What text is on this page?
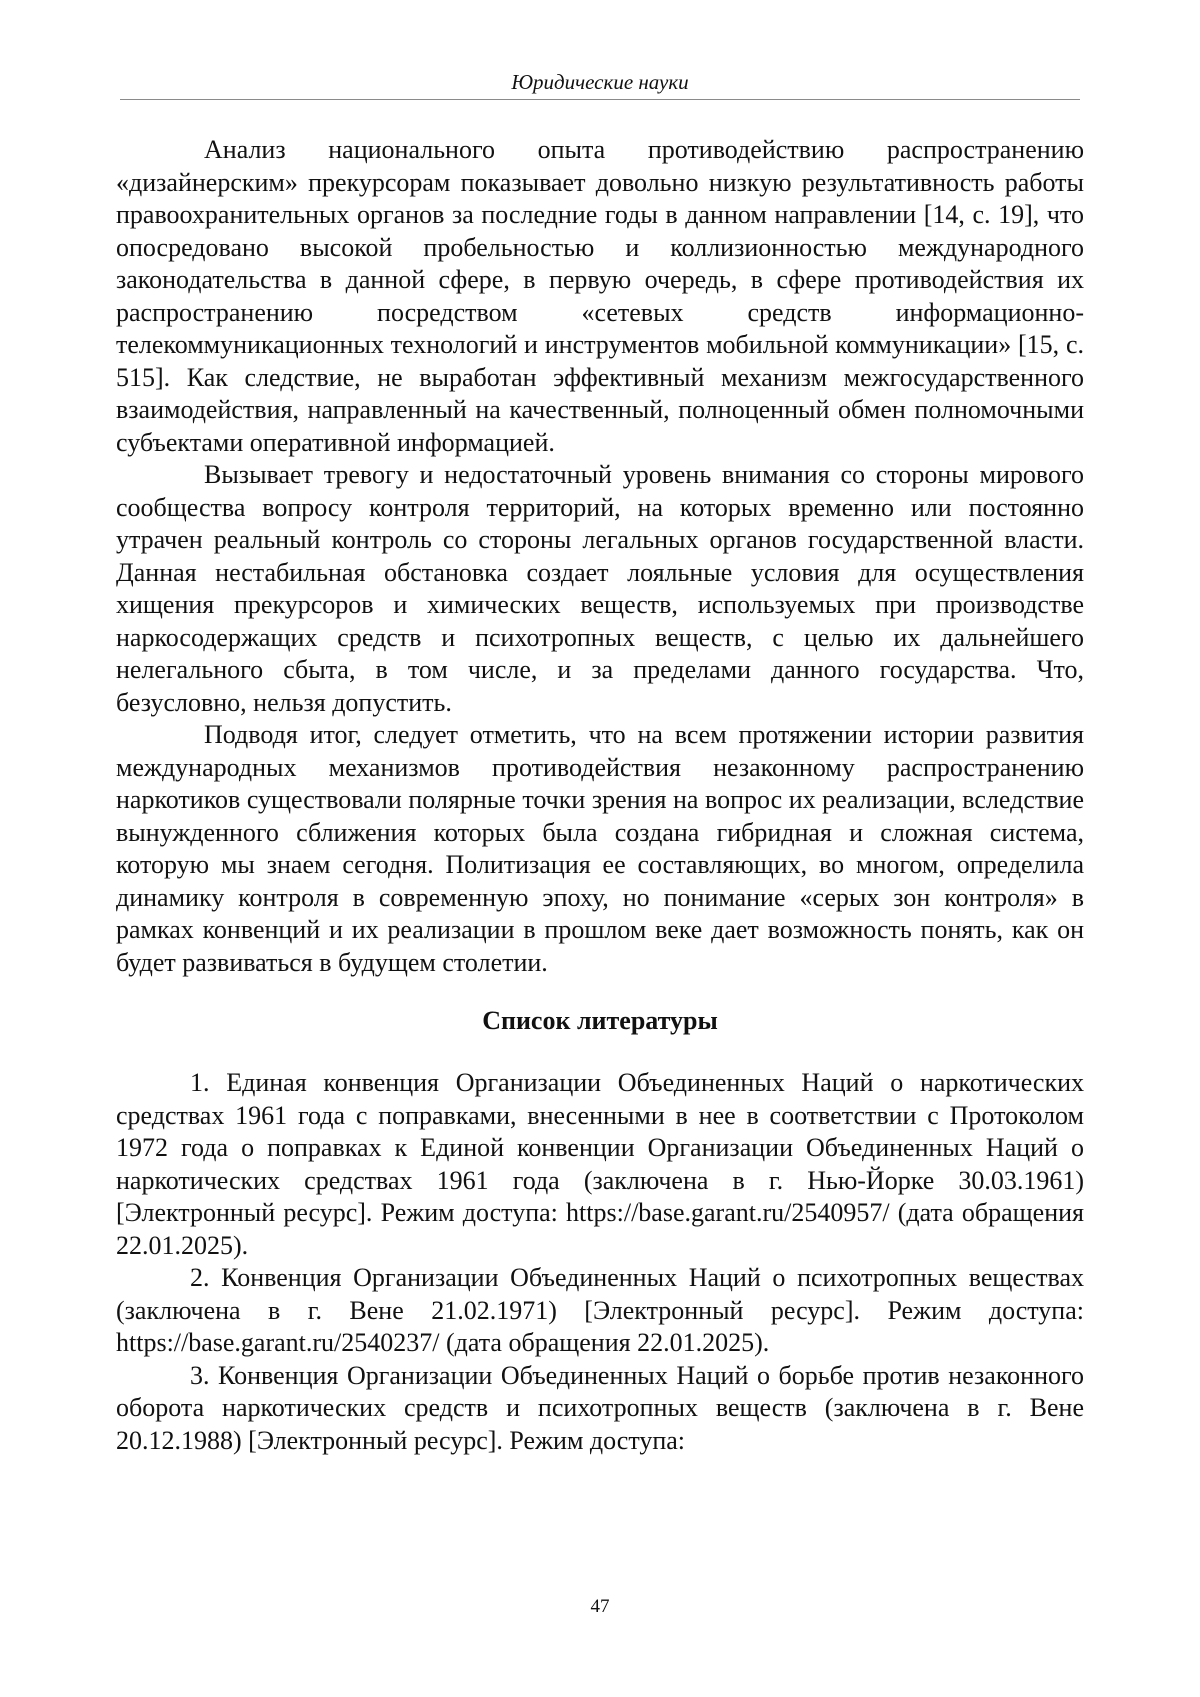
Юридические науки

Анализ национального опыта противодействию распространению «дизайнерским» прекурсорам показывает довольно низкую результативность работы правоохранительных органов за последние годы в данном направлении [14, с. 19], что опосредовано высокой пробельностью и коллизионностью международного законодательства в данной сфере, в первую очередь, в сфере противодействия их распространению посредством «сетевых средств информационно-телекоммуникационных технологий и инструментов мобильной коммуникации» [15, с. 515]. Как следствие, не выработан эффективный механизм межгосударственного взаимодействия, направленный на качественный, полноценный обмен полномочными субъектами оперативной информацией.

Вызывает тревогу и недостаточный уровень внимания со стороны мирового сообщества вопросу контроля территорий, на которых временно или постоянно утрачен реальный контроль со стороны легальных органов государственной власти. Данная нестабильная обстановка создает лояльные условия для осуществления хищения прекурсоров и химических веществ, используемых при производстве наркосодержащих средств и психотропных веществ, с целью их дальнейшего нелегального сбыта, в том числе, и за пределами данного государства. Что, безусловно, нельзя допустить.

Подводя итог, следует отметить, что на всем протяжении истории развития международных механизмов противодействия незаконному распространению наркотиков существовали полярные точки зрения на вопрос их реализации, вследствие вынужденного сближения которых была создана гибридная и сложная система, которую мы знаем сегодня. Политизация ее составляющих, во многом, определила динамику контроля в современную эпоху, но понимание «серых зон контроля» в рамках конвенций и их реализации в прошлом веке дает возможность понять, как он будет развиваться в будущем столетии.

Список литературы

1. Единая конвенция Организации Объединенных Наций о наркотических средствах 1961 года с поправками, внесенными в нее в соответствии с Протоколом 1972 года о поправках к Единой конвенции Организации Объединенных Наций о наркотических средствах 1961 года (заключена в г. Нью-Йорке 30.03.1961) [Электронный ресурс]. Режим доступа: https://base.garant.ru/2540957/ (дата обращения 22.01.2025).

2. Конвенция Организации Объединенных Наций о психотропных веществах (заключена в г. Вене 21.02.1971) [Электронный ресурс]. Режим доступа: https://base.garant.ru/2540237/ (дата обращения 22.01.2025).

3. Конвенция Организации Объединенных Наций о борьбе против незаконного оборота наркотических средств и психотропных веществ (заключена в г. Вене 20.12.1988) [Электронный ресурс]. Режим доступа:

47
